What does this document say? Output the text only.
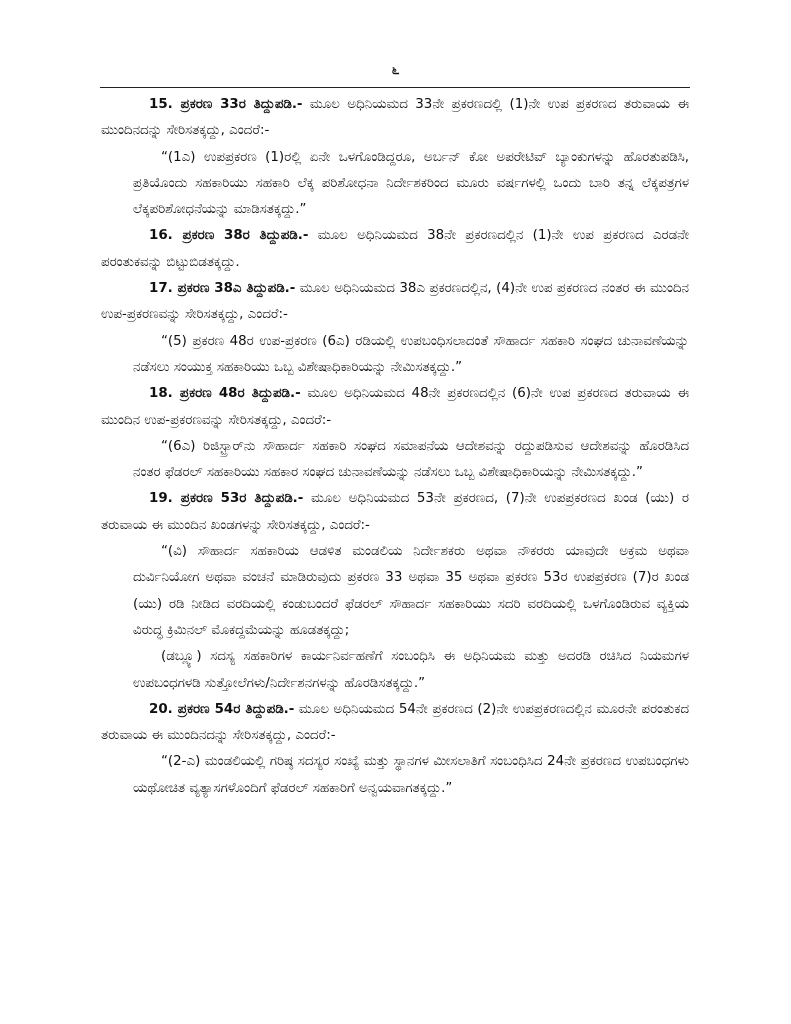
೬

15. ಪ್ರಕರಣ 33ರ ತಿದ್ದುಪಡಿ.- ಮೂಲ ಅಧಿನಿಯಮದ 33ನೇ ಪ್ರಕರಣದಲ್ಲಿ (1)ನೇ ಉಪ ಪ್ರಕರಣದ ತರುವಾಯ ಈ ಮುಂದಿನದನ್ನು ಸೇರಿಸತಕ್ಕದ್ದು, ಎಂದರೆ:-

“(1ಎ) ಉಪಪ್ರಕರಣ (1)ರಲ್ಲಿ ಏನೇ ಒಳಗೊಂಡಿದ್ದರೂ, ಅರ್ಬನ್ ಕೋ ಅಪರೇಟಿವ್ ಬ್ಯಾಂಕುಗಳನ್ನು ಹೊರತುಪಡಿಸಿ, ಪ್ರತಿಯೊಂದು ಸಹಕಾರಿಯು ಸಹಕಾರಿ ಲೆಕ್ಕ ಪರಿಶೋಧನಾ ನಿರ್ದೇಶಕರಿಂದ ಮೂರು ವರ್ಷಗಳಲ್ಲಿ ಒಂದು ಬಾರಿ ತನ್ನ ಲೆಕ್ಕಪತ್ರಗಳ ಲೆಕ್ಕಪರಿಶೋಧನೆಯನ್ನು ಮಾಡಿಸತಕ್ಕದ್ದು.”

16. ಪ್ರಕರಣ 38ರ ತಿದ್ದುಪಡಿ.- ಮೂಲ ಅಧಿನಿಯಮದ 38ನೇ ಪ್ರಕರಣದಲ್ಲಿನ (1)ನೇ ಉಪ ಪ್ರಕರಣದ ಎರಡನೇ ಪರಂತುಕವನ್ನು ಬಿಟ್ಟುಬಿಡತಕ್ಕದ್ದು.

17. ಪ್ರಕರಣ 38ಎ ತಿದ್ದುಪಡಿ.- ಮೂಲ ಅಧಿನಿಯಮದ 38ಎ ಪ್ರಕರಣದಲ್ಲಿನ, (4)ನೇ ಉಪ ಪ್ರಕರಣದ ನಂತರ ಈ ಮುಂದಿನ ಉಪ-ಪ್ರಕರಣವನ್ನು ಸೇರಿಸತಕ್ಕದ್ದು, ಎಂದರೆ:-

“(5) ಪ್ರಕರಣ 48ರ ಉಪ-ಪ್ರಕರಣ (6ಎ) ರಡಿಯಲ್ಲಿ ಉಪಬಂಧಿಸಲಾದಂತೆ ಸೌಹಾರ್ದ ಸಹಕಾರಿ ಸಂಘದ ಚುನಾವಣೆಯನ್ನು ನಡೆಸಲು ಸಂಯುಕ್ತ ಸಹಕಾರಿಯು ಒಬ್ಬ ವಿಶೇಷಾಧಿಕಾರಿಯನ್ನು ನೇಮಿಸತಕ್ಕದ್ದು.”

18. ಪ್ರಕರಣ 48ರ ತಿದ್ದುಪಡಿ.- ಮೂಲ ಅಧಿನಿಯಮದ 48ನೇ ಪ್ರಕರಣದಲ್ಲಿನ (6)ನೇ ಉಪ ಪ್ರಕರಣದ ತರುವಾಯ ಈ ಮುಂದಿನ ಉಪ-ಪ್ರಕರಣವನ್ನು ಸೇರಿಸತಕ್ಕದ್ದು, ಎಂದರೆ:-

“(6ಎ) ರಿಜಿಸ್ಟ್ರಾರ್‌ನು ಸೌಹಾರ್ದ ಸಹಕಾರಿ ಸಂಘದ ಸಮಾಪನೆಯ ಆದೇಶವನ್ನು ರದ್ದುಪಡಿಸುವ ಆದೇಶವನ್ನು ಹೊರಡಿಸಿದ ನಂತರ ಫೆಡರಲ್ ಸಹಕಾರಿಯು ಸಹಕಾರ ಸಂಘದ ಚುನಾವಣೆಯನ್ನು ನಡೆಸಲು ಒಬ್ಬ ವಿಶೇಷಾಧಿಕಾರಿಯನ್ನು ನೇಮಿಸತಕ್ಕದ್ದು.”

19. ಪ್ರಕರಣ 53ರ ತಿದ್ದುಪಡಿ.- ಮೂಲ ಅಧಿನಿಯಮದ 53ನೇ ಪ್ರಕರಣದ, (7)ನೇ ಉಪಪ್ರಕರಣದ ಖಂಡ (ಯು) ರ ತರುವಾಯ ಈ ಮುಂದಿನ ಖಂಡಗಳನ್ನು ಸೇರಿಸತಕ್ಕದ್ದು, ಎಂದರೆ:-

“(ವಿ) ಸೌಹಾರ್ದ ಸಹಕಾರಿಯ ಆಡಳಿತ ಮಂಡಲಿಯ ನಿರ್ದೇಶಕರು ಅಥವಾ ನೌಕರರು ಯಾವುದೇ ಅಕ್ರಮ ಅಥವಾ ದುರ್ವಿನಿಯೋಗ ಅಥವಾ ವಂಚನೆ ಮಾಡಿರುವುದು ಪ್ರಕರಣ 33 ಅಥವಾ 35 ಅಥವಾ ಪ್ರಕರಣ 53ರ ಉಪಪ್ರಕರಣ (7)ರ ಖಂಡ (ಯು) ರಡಿ ನೀಡಿದ ವರದಿಯಲ್ಲಿ ಕಂಡುಬಂದರೆ ಫೆಡರಲ್ ಸೌಹಾರ್ದ ಸಹಕಾರಿಯು ಸದರಿ ವರದಿಯಲ್ಲಿ ಒಳಗೊಂಡಿರುವ ವ್ಯಕ್ತಿಯ ವಿರುದ್ಧ ಕ್ರಿಮಿನಲ್ ಮೊಕದ್ದಮೆಯನ್ನು ಹೂಡತಕ್ಕದ್ದು;

(ಡಬ್ಲ್ಯೂ) ಸದಸ್ಯ ಸಹಕಾರಿಗಳ ಕಾರ್ಯನಿರ್ವಹಣೆಗೆ ಸಂಬಂಧಿಸಿ ಈ ಅಧಿನಿಯಮ ಮತ್ತು ಅದರಡಿ ರಚಿಸಿದ ನಿಯಮಗಳ ಉಪಬಂಧಗಳಡಿ ಸುತ್ತೋಲೆಗಳು/ನಿರ್ದೇಶನಗಳನ್ನು ಹೊರಡಿಸತಕ್ಕದ್ದು.”

20. ಪ್ರಕರಣ 54ರ ತಿದ್ದುಪಡಿ.- ಮೂಲ ಅಧಿನಿಯಮದ 54ನೇ ಪ್ರಕರಣದ (2)ನೇ ಉಪಪ್ರಕರಣದಲ್ಲಿನ ಮೂರನೇ ಪರಂತುಕದ ತರುವಾಯ ಈ ಮುಂದಿನದನ್ನು ಸೇರಿಸತಕ್ಕದ್ದು, ಎಂದರೆ:-

“(2-ಎ) ಮಂಡಲಿಯಲ್ಲಿ ಗರಿಷ್ಠ ಸದಸ್ಯರ ಸಂಖ್ಯೆ ಮತ್ತು ಸ್ಥಾನಗಳ ಮೀಸಲಾತಿಗೆ ಸಂಬಂಧಿಸಿದ 24ನೇ ಪ್ರಕರಣದ ಉಪಬಂಧಗಳು ಯಥೋಚಿತ ವ್ಯತ್ಯಾಸಗಳೊಂದಿಗೆ ಫೆಡರಲ್ ಸಹಕಾರಿಗೆ ಅನ್ವಯವಾಗತಕ್ಕದ್ದು.”
